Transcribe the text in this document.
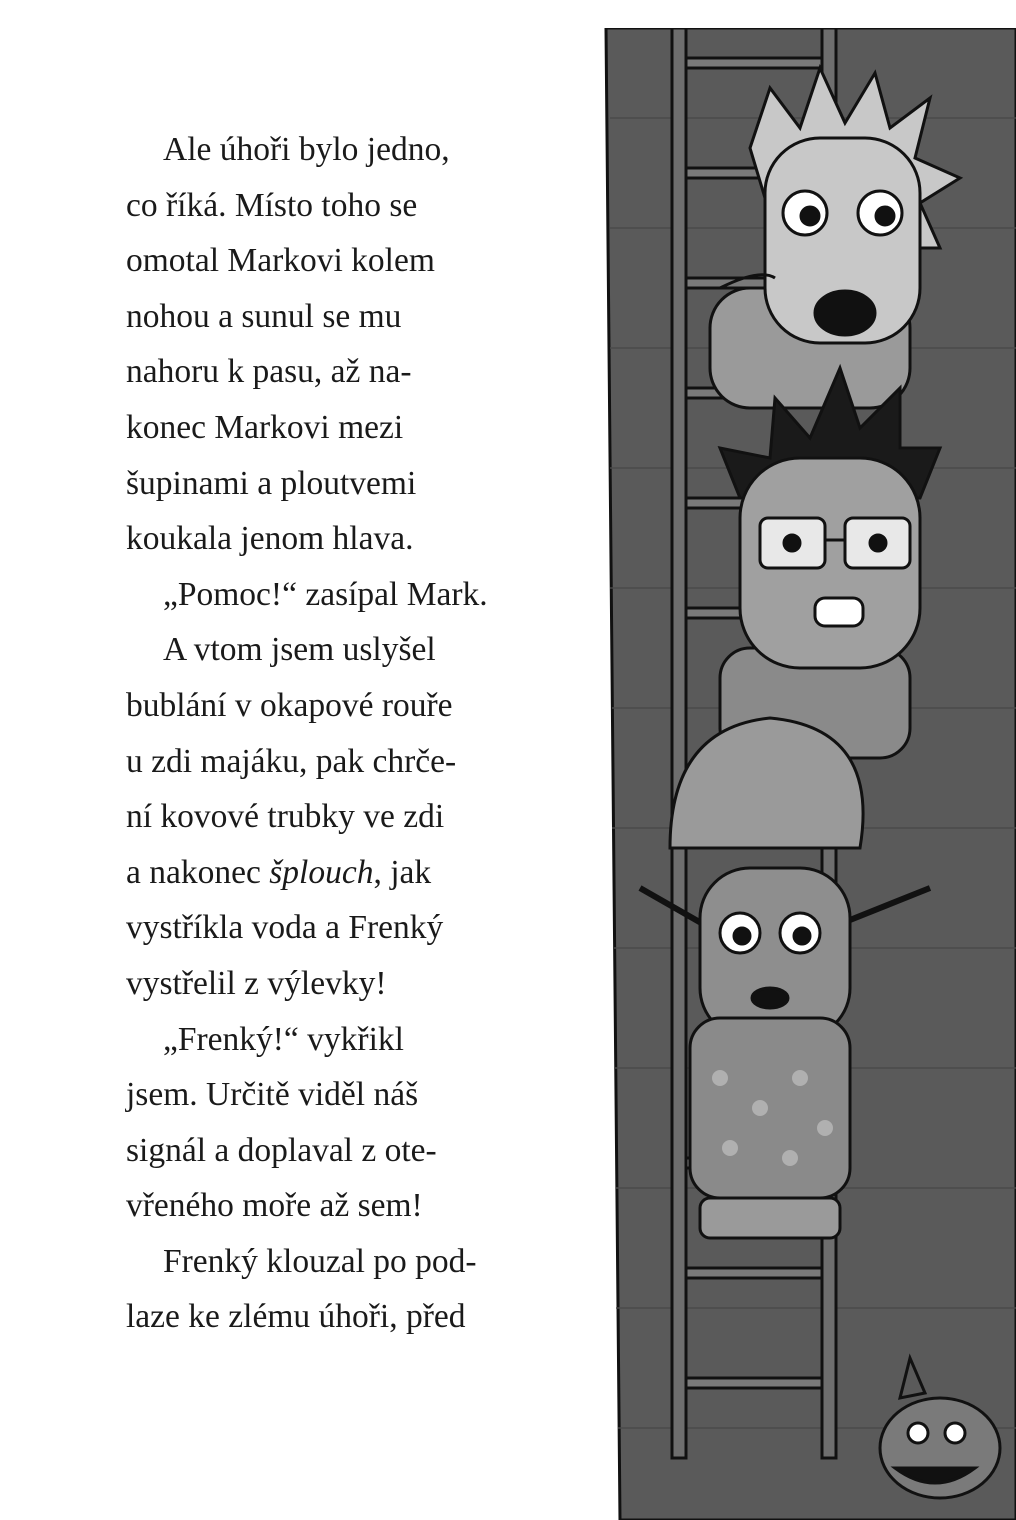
Ale úhoři bylo jedno,
co říká. Místo toho se
omotal Markovi kolem
nohou a sunul se mu
nahoru k pasu, až na-
konec Markovi mezi
šupinami a ploutvemi
koukala jenom hlava.
„Pomoc!“ zasípal Mark.
A vtom jsem uslyšel
bublání v okapové rouře
u zdi majáku, pak chrče-
ní kovové trubky ve zdi
a nakonec šplouch, jak
vystříkla voda a Frenký
vystřelil z výlevky!
„Frenký!“ vykřikl
jsem. Určitě viděl náš
signál a doplaval z ote-
vřeného moře až sem!
Frenký klouzal po pod-
laze ke zlému úhoři, před
